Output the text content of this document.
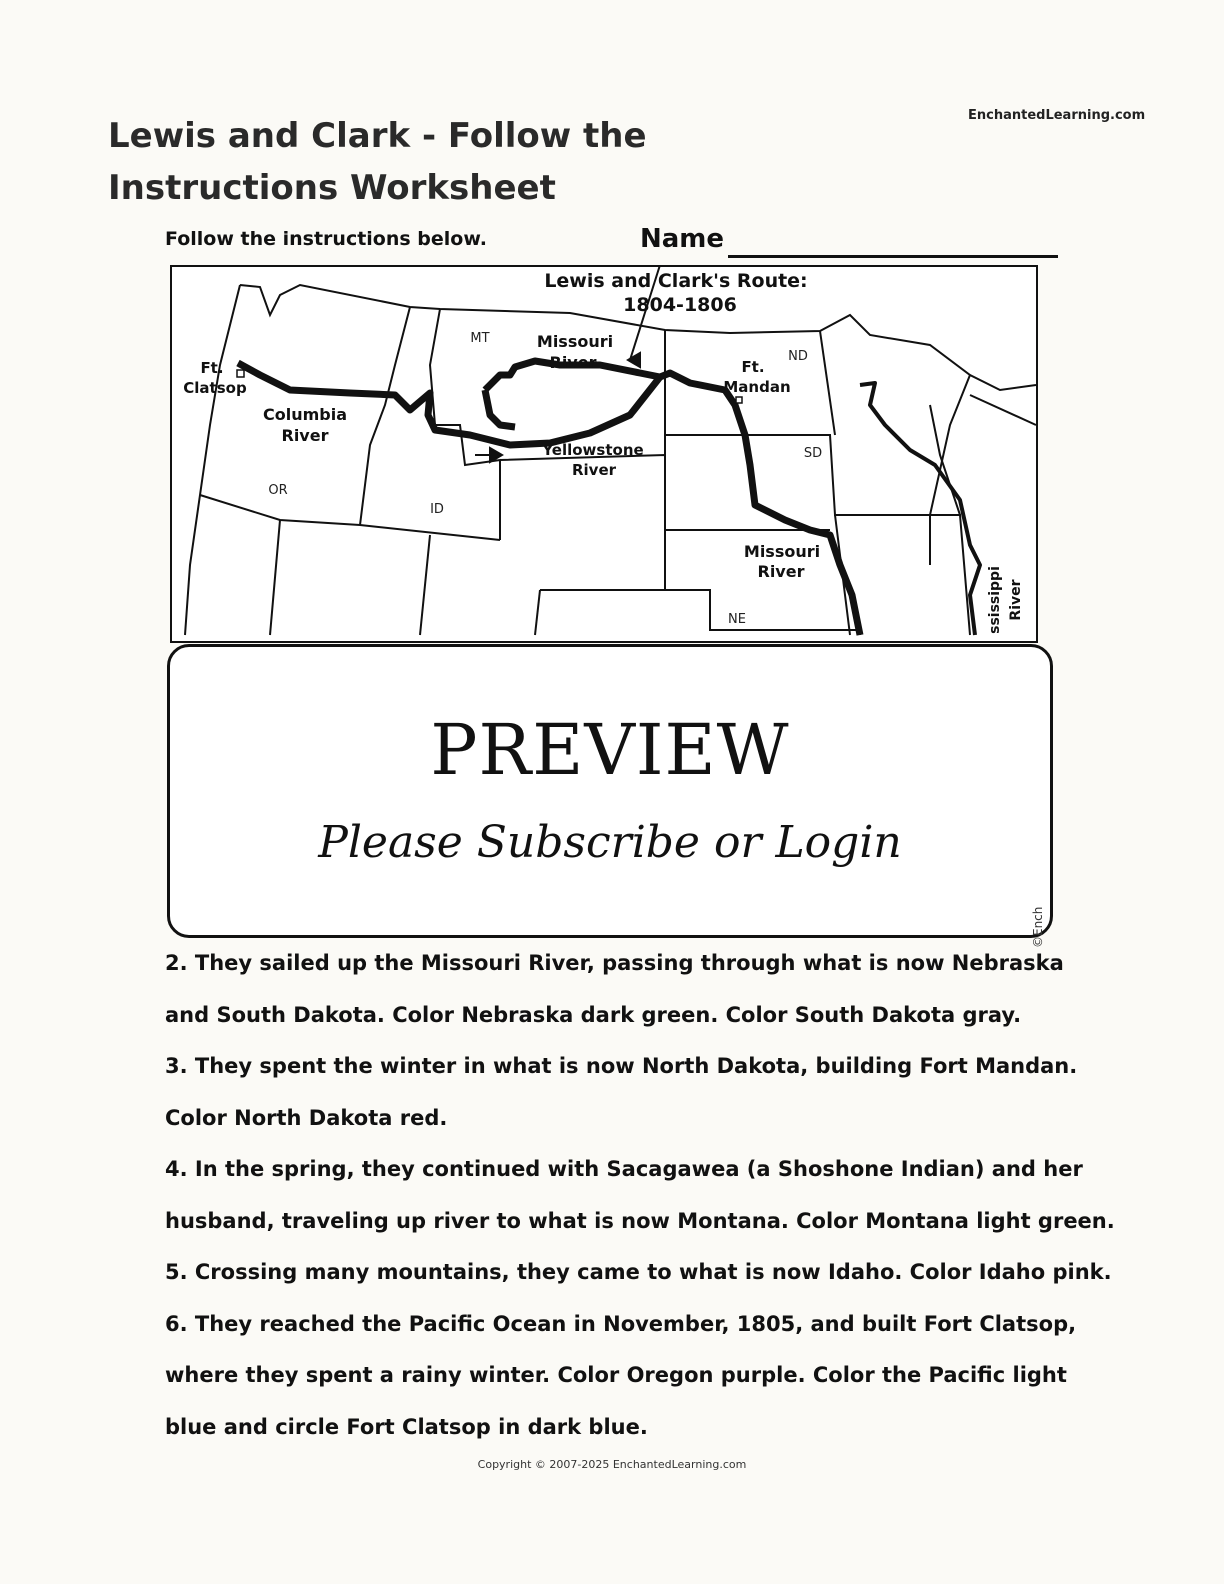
EnchantedLearning.com
Lewis and Clark - Follow the Instructions Worksheet
Follow the instructions below.	Name
Lewis and Clark's Route:
1804-1806
Ft.
Clatsop
Columbia
River
MT	Missouri
River	Ft.
Mandan
ND
Yellowstone
River
SD
OR
ID
Missouri
River
NE	ssissippi River
PREVIEW
Please Subscribe or Login
©Ench
2. They sailed up the Missouri River, passing through what is now Nebraska
and South Dakota. Color Nebraska dark green. Color South Dakota gray.
3. They spent the winter in what is now North Dakota, building Fort Mandan.
Color North Dakota red.
4. In the spring, they continued with Sacagawea (a Shoshone Indian) and her
husband, traveling up river to what is now Montana. Color Montana light green.
5. Crossing many mountains, they came to what is now Idaho. Color Idaho pink.
6. They reached the Pacific Ocean in November, 1805, and built Fort Clatsop,
where they spent a rainy winter. Color Oregon purple. Color the Pacific light
blue and circle Fort Clatsop in dark blue.
Copyright © 2007-2025 EnchantedLearning.com
